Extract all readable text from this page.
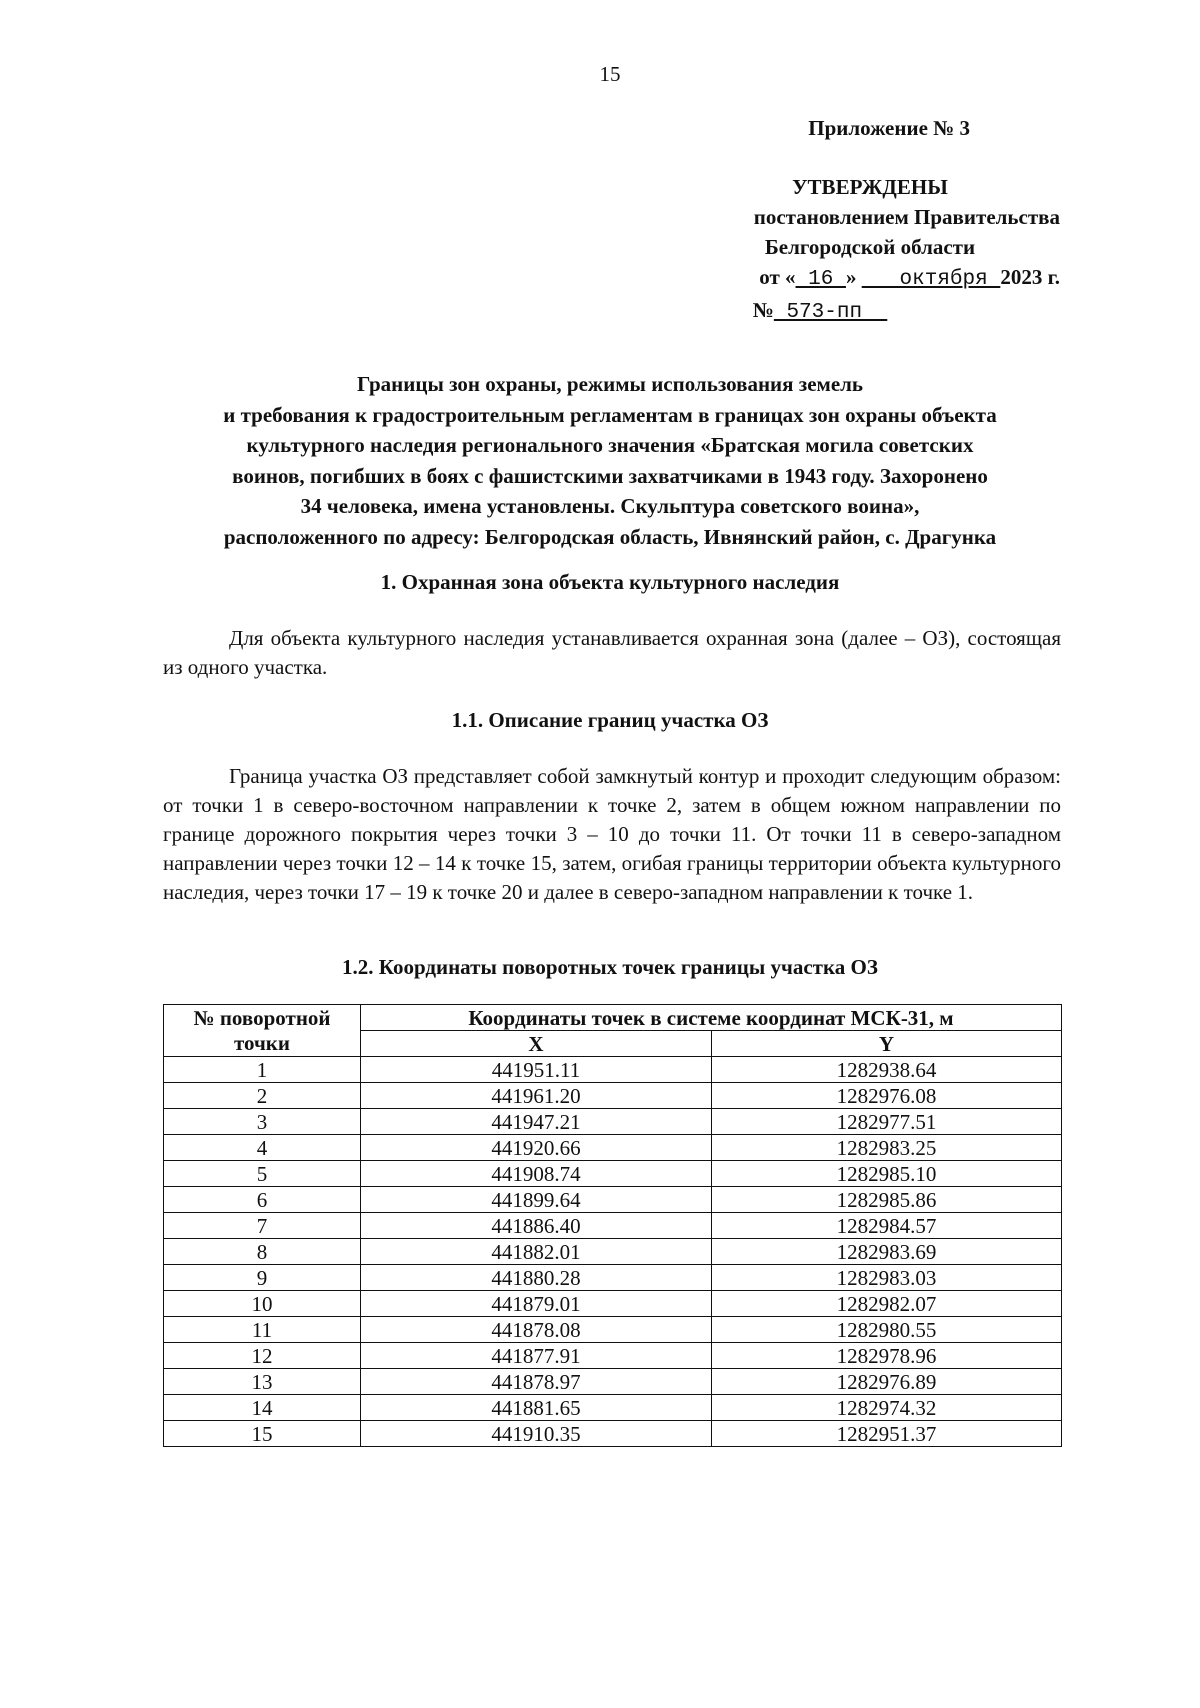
15
Приложение № 3
УТВЕРЖДЕНЫ
постановлением Правительства
Белгородской области
от « 16 »    октября 2023 г.
№ 573-пп
Границы зон охраны, режимы использования земель
и требования к градостроительным регламентам в границах зон охраны объекта
культурного наследия регионального значения «Братская могила советских
воинов, погибших в боях с фашистскими захватчиками в 1943 году. Захоронено
34 человека, имена установлены. Скульптура советского воина»,
расположенного по адресу: Белгородская область, Ивнянский район, с. Драгунка
1. Охранная зона объекта культурного наследия
Для объекта культурного наследия устанавливается охранная зона (далее – ОЗ), состоящая из одного участка.
1.1. Описание границ участка ОЗ
Граница участка ОЗ представляет собой замкнутый контур и проходит следующим образом: от точки 1 в северо-восточном направлении к точке 2, затем в общем южном направлении по границе дорожного покрытия через точки 3 – 10 до точки 11. От точки 11 в северо-западном направлении через точки 12 – 14 к точке 15, затем, огибая границы территории объекта культурного наследия, через точки 17 – 19 к точке 20 и далее в северо-западном направлении к точке 1.
1.2. Координаты поворотных точек границы участка ОЗ
№ поворотной точки	Координаты точек в системе координат МСК-31, м	
	X	Y
1	441951.11	1282938.64
2	441961.20	1282976.08
3	441947.21	1282977.51
4	441920.66	1282983.25
5	441908.74	1282985.10
6	441899.64	1282985.86
7	441886.40	1282984.57
8	441882.01	1282983.69
9	441880.28	1282983.03
10	441879.01	1282982.07
11	441878.08	1282980.55
12	441877.91	1282978.96
13	441878.97	1282976.89
14	441881.65	1282974.32
15	441910.35	1282951.37
